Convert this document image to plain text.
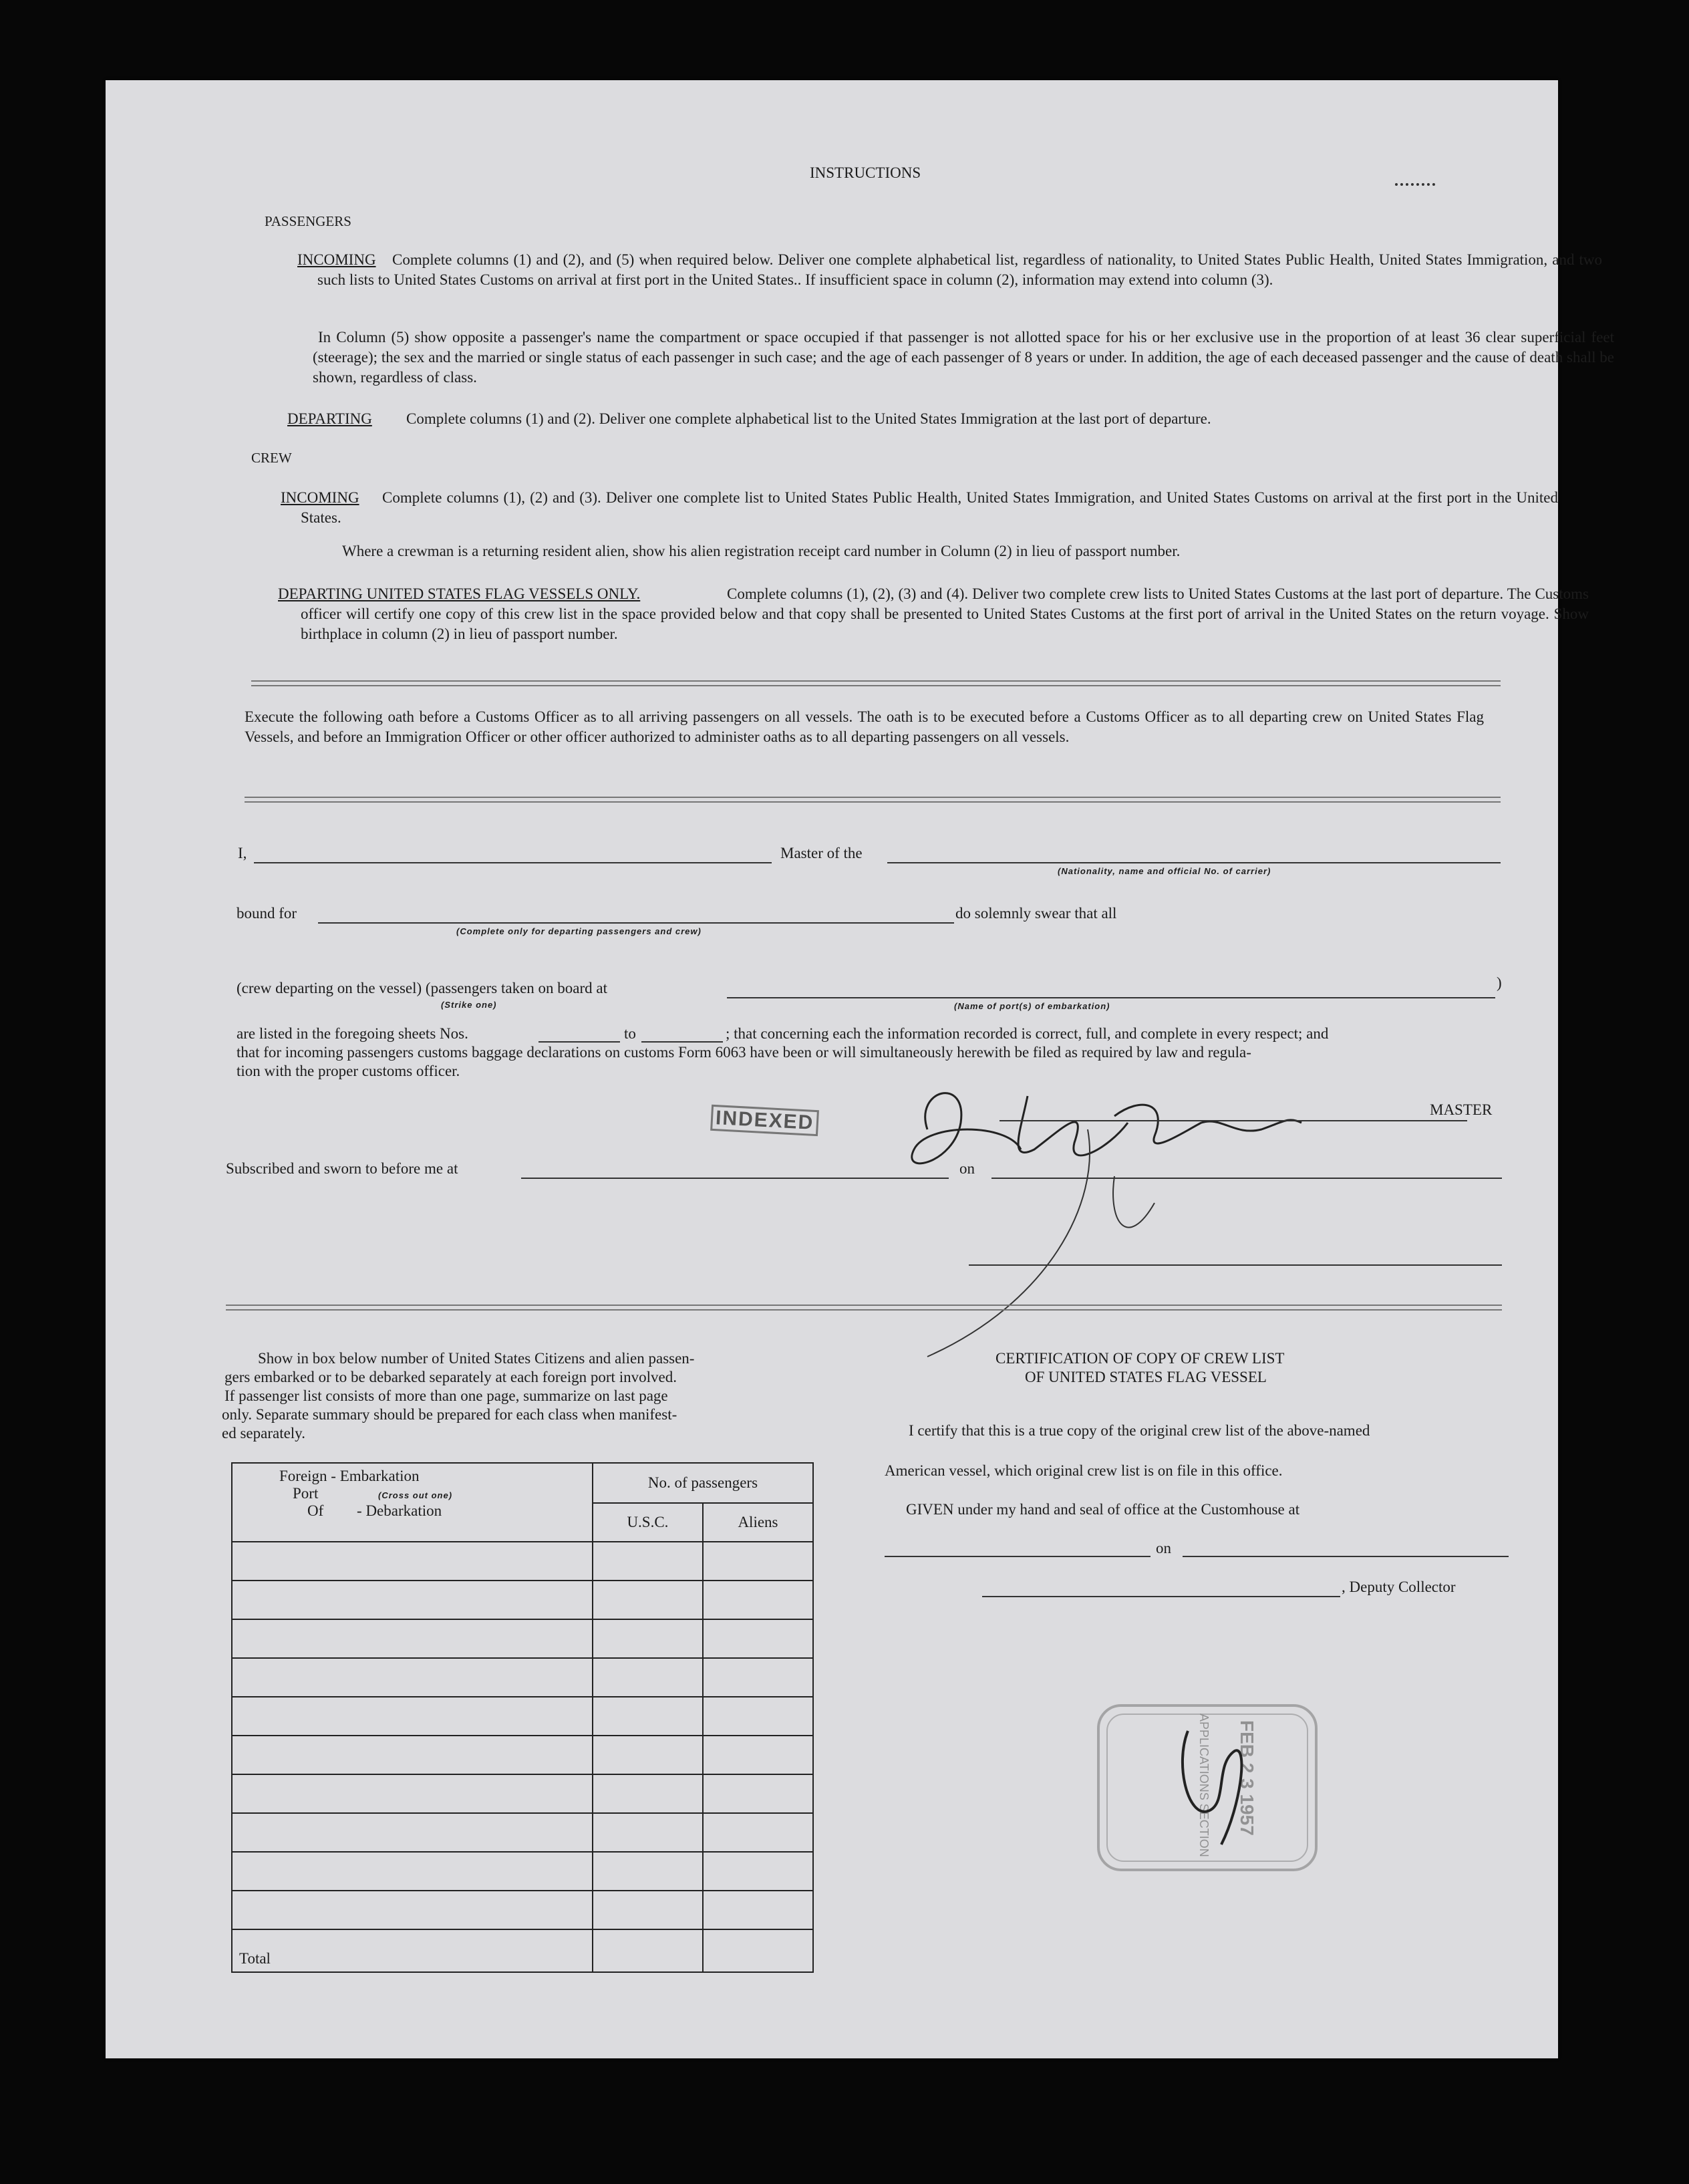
INSTRUCTIONS
PASSENGERS
INCOMING	Complete columns (1) and (2), and (5) when required below. Deliver one complete alphabetical list, regardless of nationality, to United States Public Health, United States Immigration, and two such lists to United States Customs on arrival at first port in the United States.. If insufficient space in column (2), information may extend into column (3).
In Column (5) show opposite a passenger's name the compartment or space occupied if that passenger is not allotted space for his or her exclusive use in the proportion of at least 36 clear superficial feet (steerage); the sex and the married or single status of each passenger in such case; and the age of each passenger of 8 years or under. In addition, the age of each deceased passenger and the cause of death shall be shown, regardless of class.
DEPARTING Complete columns (1) and (2). Deliver one complete alphabetical list to the United States Immigration at the last port of departure.
CREW
INCOMING	Complete columns (1), (2) and (3). Deliver one complete list to United States Public Health, United States Immigration, and United States Customs on arrival at the first port in the United States.
Where a crewman is a returning resident alien, show his alien registration receipt card number in Column (2) in lieu of passport number.
DEPARTING UNITED STATES FLAG VESSELS ONLY.	Complete columns (1), (2), (3) and (4). Deliver two complete crew lists to United States Customs at the last port of departure. The Customs officer will certify one copy of this crew list in the space provided below and that copy shall be presented to United States Customs at the first port of arrival in the United States on the return voyage. Show birthplace in column (2) in lieu of passport number.
Execute the following oath before a Customs Officer as to all arriving passengers on all vessels. The oath is to be executed before a Customs Officer as to all departing crew on United States Flag Vessels, and before an Immigration Officer or other officer authorized to administer oaths as to all departing passengers on all vessels.
I,	Master of the
(Nationality, name and official No. of carrier)
bound for
(Complete only for departing passengers and crew)
do solemnly swear that all
(crew departing on the vessel) (passengers taken on board at
(Strike one)
)
(Name of port(s) of embarkation)
are listed in the foregoing sheets Nos.	to	; that concerning each the information recorded is correct, full, and complete in every respect; and
that for incoming passengers customs baggage declarations on customs Form 6063 have been or will simultaneously herewith be filed as required by law and regula-
tion with the proper customs officer.
INDEXED	MASTER
Subscribed and sworn to before me at	on
Show in box below number of United States Citizens and alien passen-
gers embarked or to be debarked separately at each foreign port involved.
If passenger list consists of more than one page, summarize on last page
only. Separate summary should be prepared for each class when manifest-
ed separately.
Foreign - Embarkation
Port (Cross out one)
Of - Debarkation	No. of passengers	
	U.S.C.	Aliens

Total		
CERTIFICATION OF COPY OF CREW LIST
OF UNITED STATES FLAG VESSEL
I certify that this is a true copy of the original crew list of the above-named
American vessel, which original crew list is on file in this office.
GIVEN under my hand and seal of office at the Customhouse at
on
, Deputy Collector
FEB 2 3 1957
APPLICATIONS SECTION
